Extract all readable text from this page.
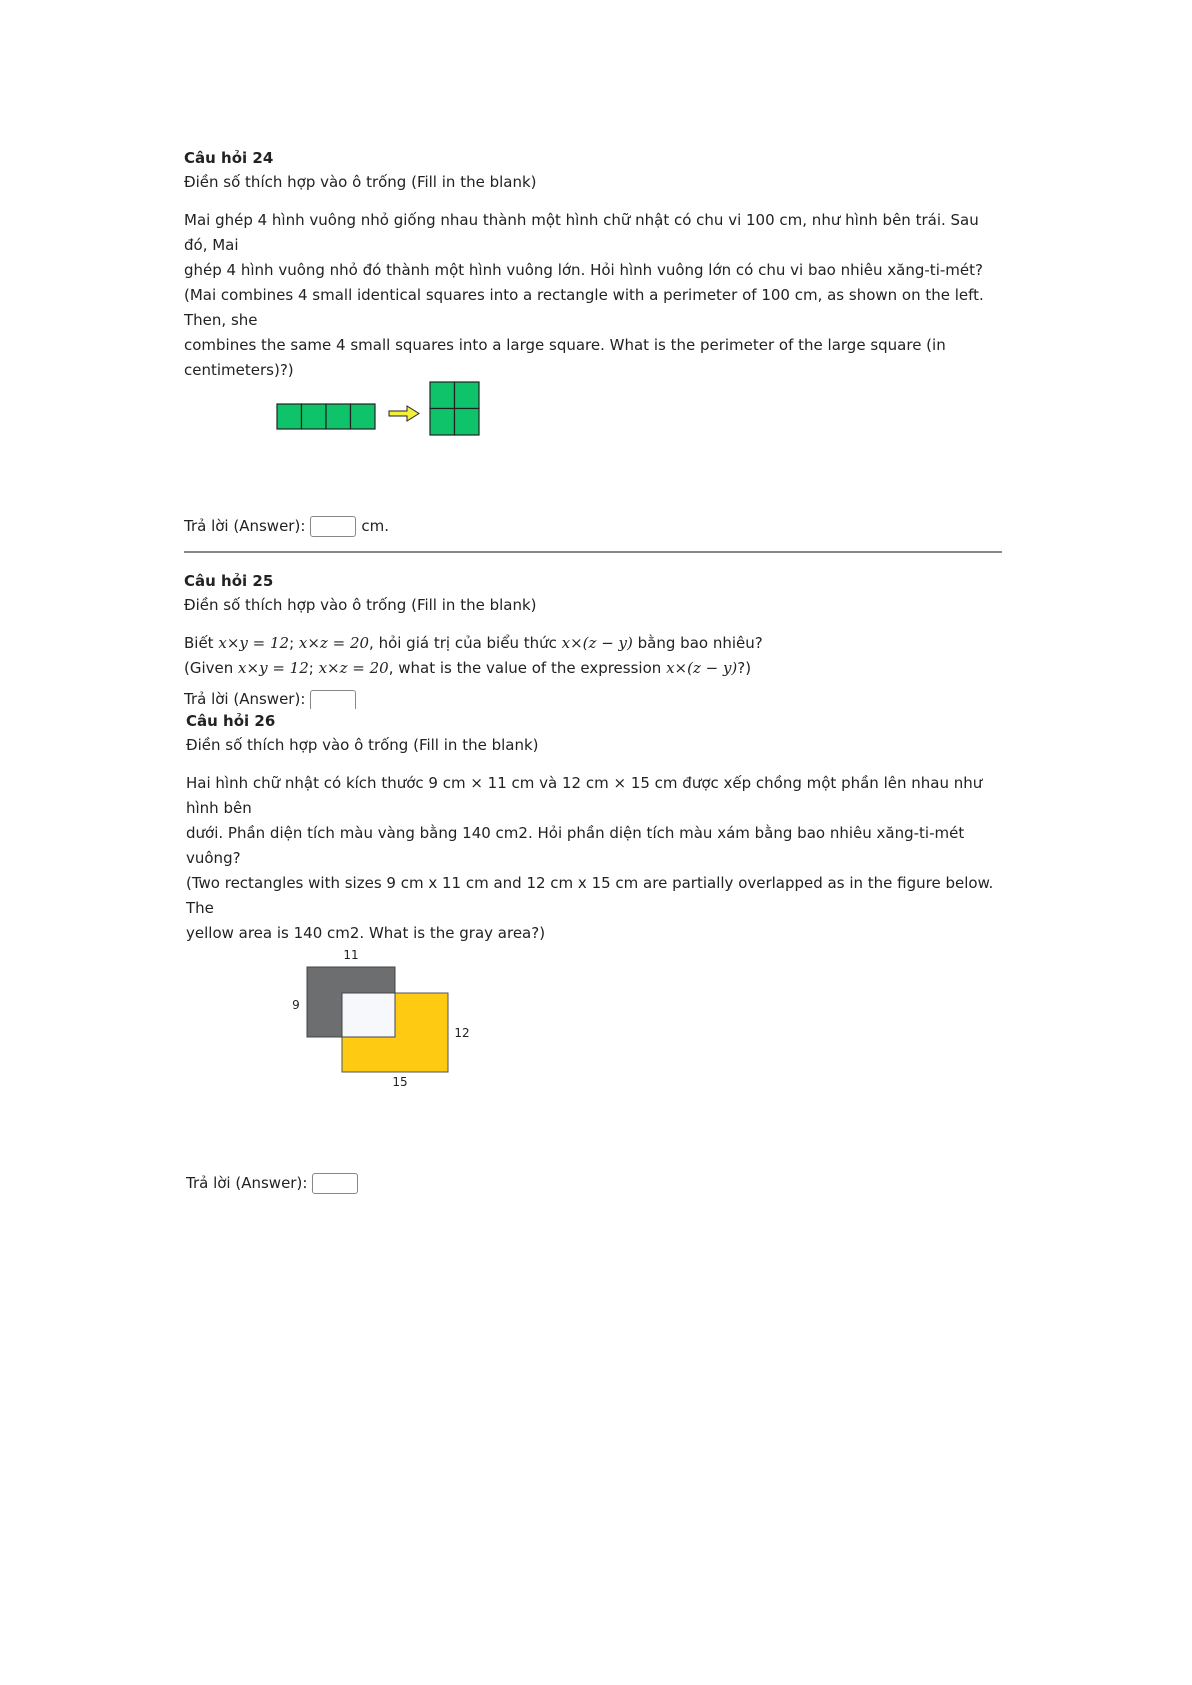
Câu hỏi 24

Điền số thích hợp vào ô trống (Fill in the blank)

Mai ghép 4 hình vuông nhỏ giống nhau thành một hình chữ nhật có chu vi 100 cm, như hình bên trái. Sau đó, Mai

ghép 4 hình vuông nhỏ đó thành một hình vuông lớn. Hỏi hình vuông lớn có chu vi bao nhiêu xăng-ti-mét?

(Mai combines 4 small identical squares into a rectangle with a perimeter of 100 cm, as shown on the left. Then, she

combines the same 4 small squares into a large square. What is the perimeter of the large square (in centimeters)?)

Trả lời (Answer):	cm.

Câu hỏi 25

Điền số thích hợp vào ô trống (Fill in the blank)

Biết x×y = 12; x×z = 20, hỏi giá trị của biểu thức x×(z − y) bằng bao nhiêu?

(Given x×y = 12; x×z = 20, what is the value of the expression x×(z − y)?)

Trả lời (Answer):

Câu hỏi 26

Điền số thích hợp vào ô trống (Fill in the blank)

Hai hình chữ nhật có kích thước 9 cm × 11 cm và 12 cm × 15 cm được xếp chồng một phần lên nhau như hình bên

dưới. Phần diện tích màu vàng bằng 140 cm2. Hỏi phần diện tích màu xám bằng bao nhiêu xăng-ti-mét vuông?

(Two rectangles with sizes 9 cm x 11 cm and 12 cm x 15 cm are partially overlapped as in the figure below. The

yellow area is 140 cm2. What is the gray area?)

11
9
12
15
Trả lời (Answer):
